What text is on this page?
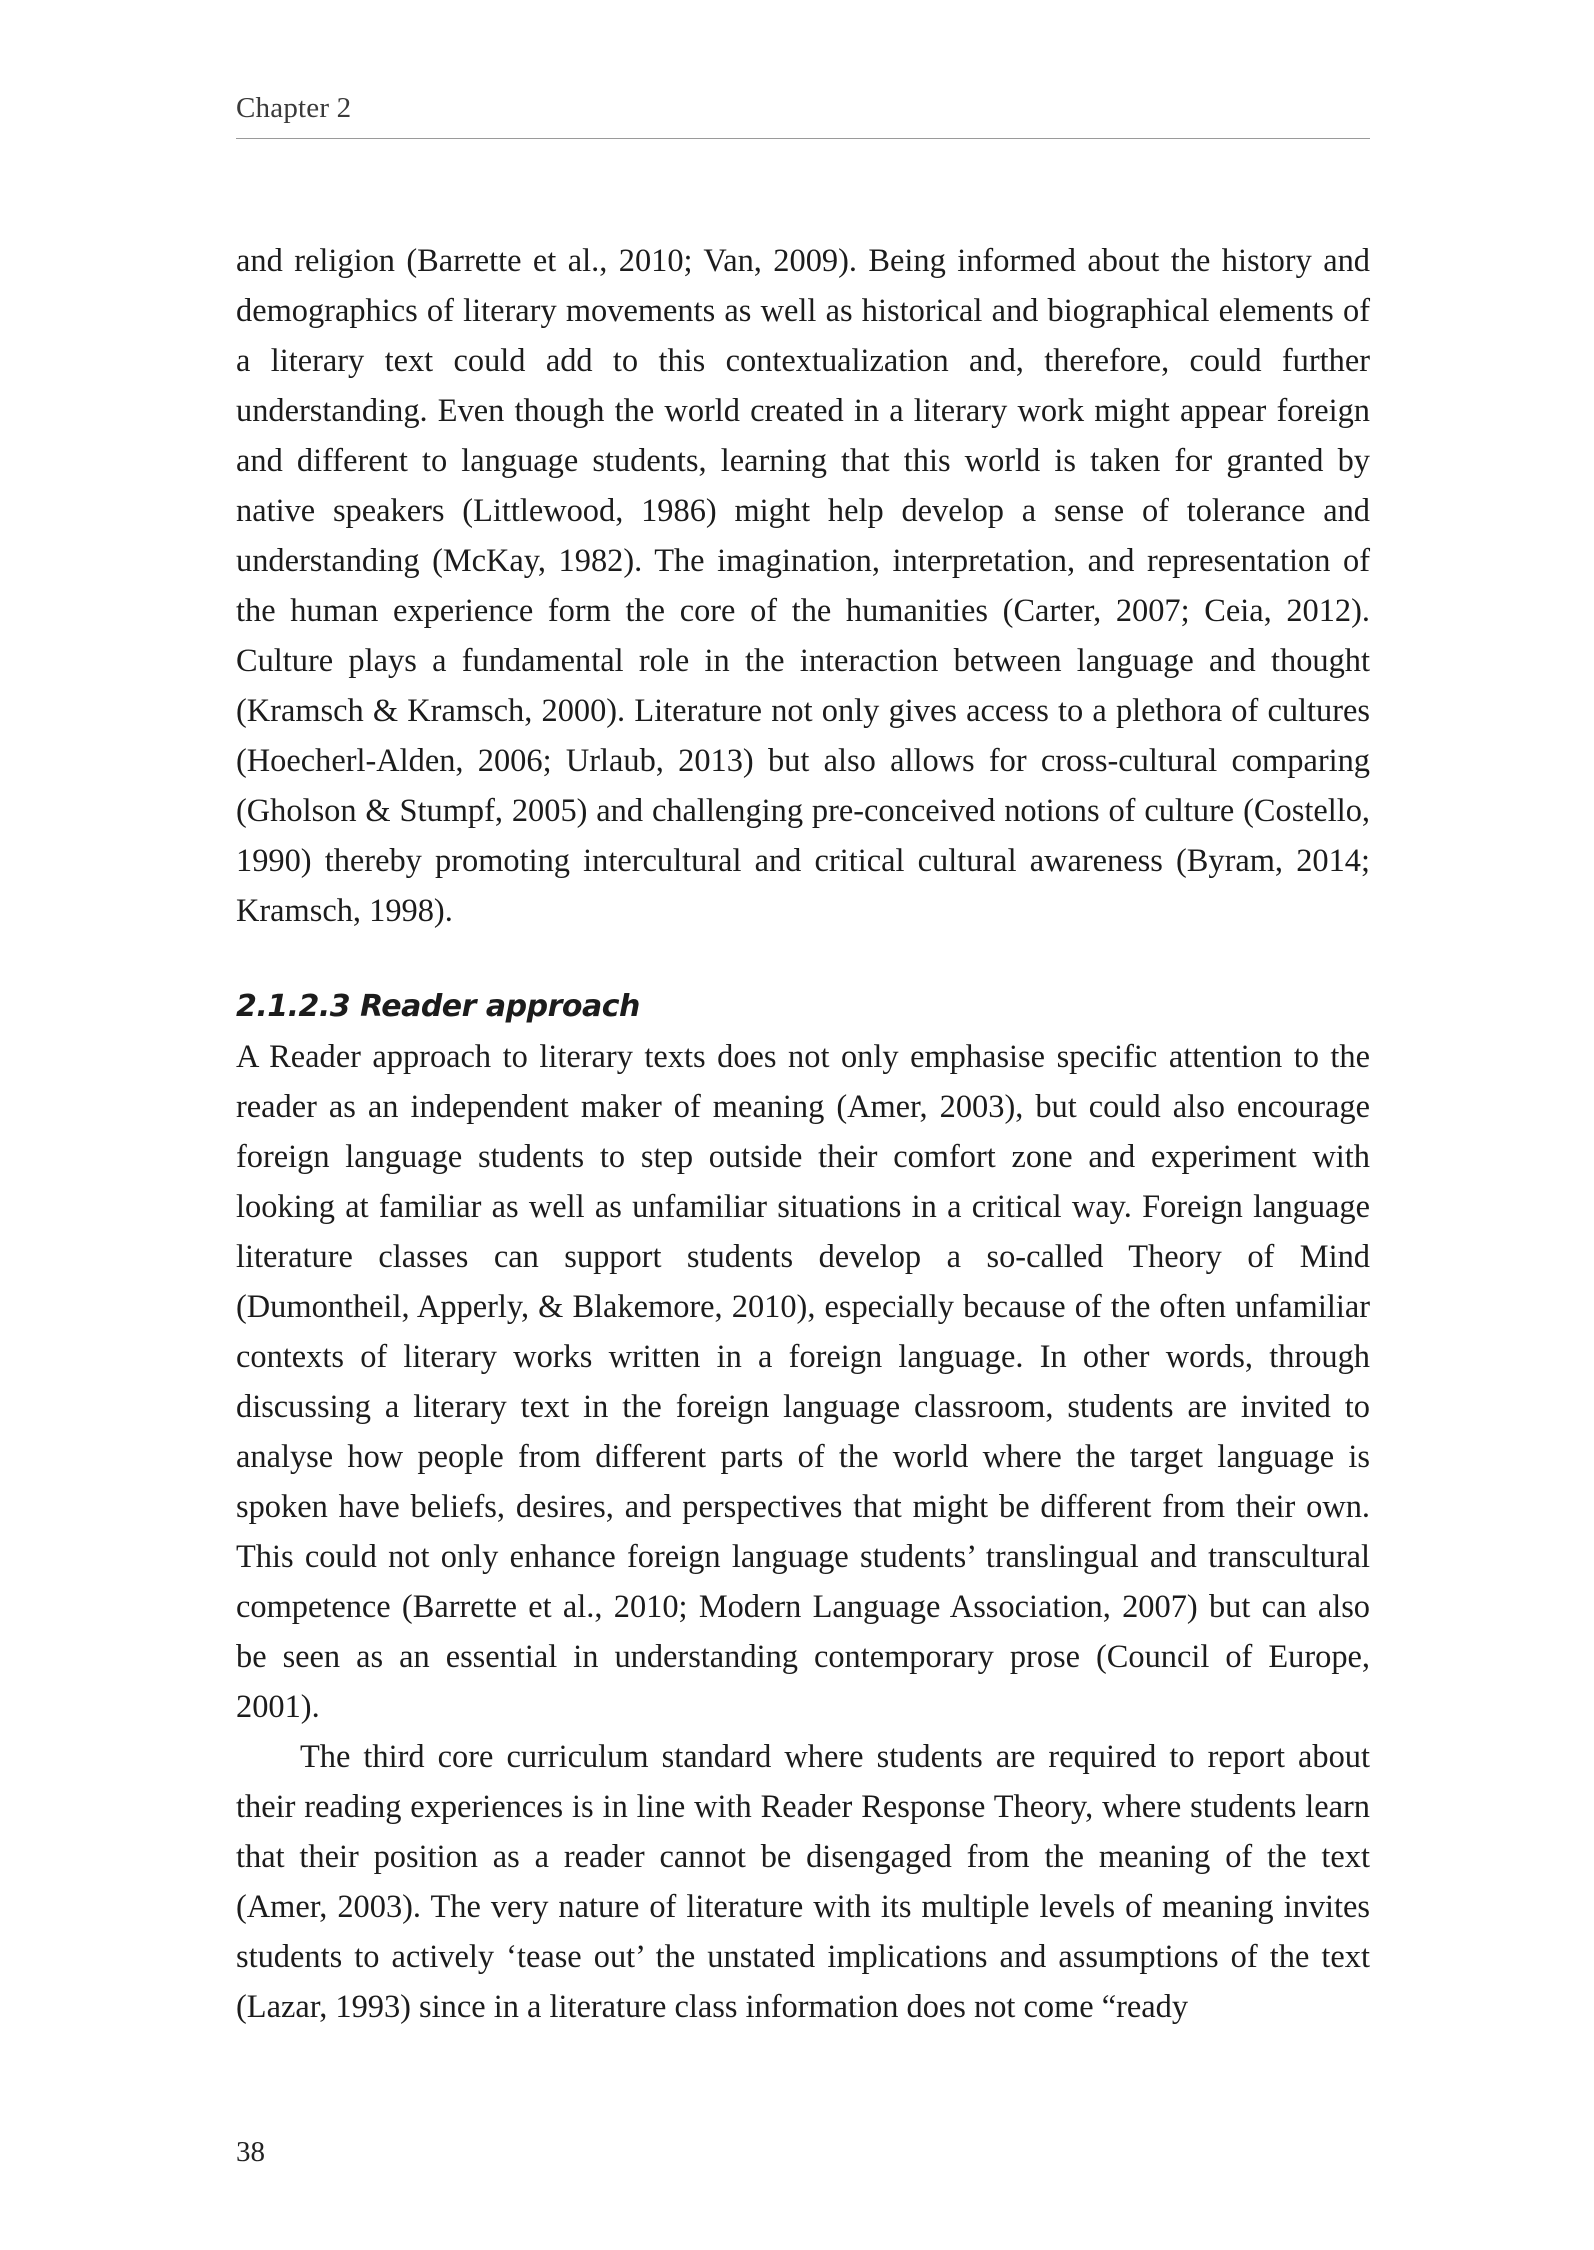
Chapter 2

and religion (Barrette et al., 2010; Van, 2009). Being informed about the history and demographics of literary movements as well as historical and biographical elements of a literary text could add to this contextualization and, therefore, could further understanding. Even though the world created in a literary work might appear foreign and different to language students, learning that this world is taken for granted by native speakers (Littlewood, 1986) might help develop a sense of tolerance and understanding (McKay, 1982). The imagination, interpretation, and representation of the human experience form the core of the humanities (Carter, 2007; Ceia, 2012). Culture plays a fundamental role in the interaction between language and thought (Kramsch & Kramsch, 2000). Literature not only gives access to a plethora of cultures (Hoecherl-Alden, 2006; Urlaub, 2013) but also allows for cross-cultural comparing (Gholson & Stumpf, 2005) and challenging pre-conceived notions of culture (Costello, 1990) thereby promoting intercultural and critical cultural awareness (Byram, 2014; Kramsch, 1998).

2.1.2.3 Reader approach

A Reader approach to literary texts does not only emphasise specific attention to the reader as an independent maker of meaning (Amer, 2003), but could also encourage foreign language students to step outside their comfort zone and experiment with looking at familiar as well as unfamiliar situations in a critical way. Foreign language literature classes can support students develop a so-called Theory of Mind (Dumontheil, Apperly, & Blakemore, 2010), especially because of the often unfamiliar contexts of literary works written in a foreign language. In other words, through discussing a literary text in the foreign language classroom, students are invited to analyse how people from different parts of the world where the target language is spoken have beliefs, desires, and perspectives that might be different from their own. This could not only enhance foreign language students’ translingual and transcultural competence (Barrette et al., 2010; Modern Language Association, 2007) but can also be seen as an essential in understanding contemporary prose (Council of Europe, 2001).

The third core curriculum standard where students are required to report about their reading experiences is in line with Reader Response Theory, where students learn that their position as a reader cannot be disengaged from the meaning of the text (Amer, 2003). The very nature of literature with its multiple levels of meaning invites students to actively ‘tease out’ the unstated implications and assumptions of the text (Lazar, 1993) since in a literature class information does not come “ready

38
